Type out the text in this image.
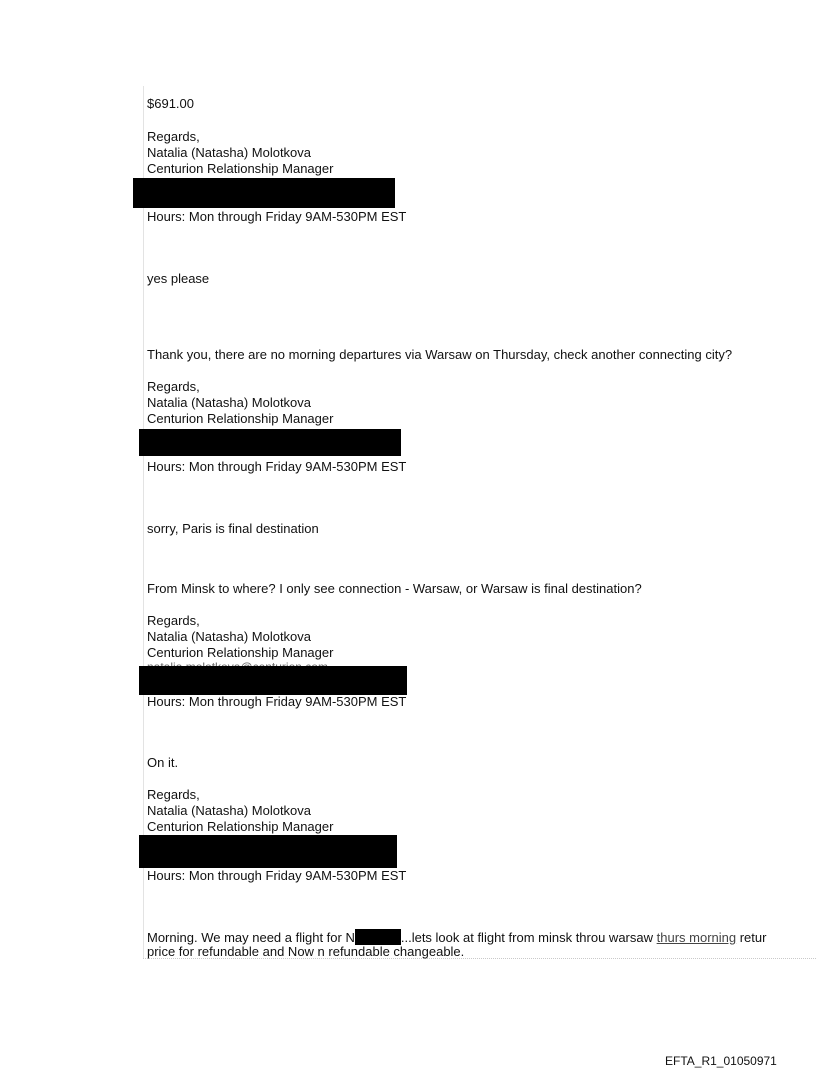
$691.00
Regards,
Natalia (Natasha) Molotkova
Centurion Relationship Manager
Hours: Mon through Friday 9AM-530PM EST
yes please
Thank you, there are no morning departures via Warsaw on Thursday, check another connecting city?
Regards,
Natalia (Natasha) Molotkova
Centurion Relationship Manager
Hours: Mon through Friday 9AM-530PM EST
sorry, Paris is final destination
From Minsk to where? I only see connection - Warsaw, or Warsaw is final destination?
Regards,
Natalia (Natasha) Molotkova
Centurion Relationship Manager
Hours: Mon through Friday 9AM-530PM EST
On it.
Regards,
Natalia (Natasha) Molotkova
Centurion Relationship Manager
Hours: Mon through Friday 9AM-530PM EST
Morning. We may need a flight for N	...lets look at flight from minsk throu warsaw thurs morning retur
price for refundable and Now n refundable changeable.
EFTA_R1_01050971
